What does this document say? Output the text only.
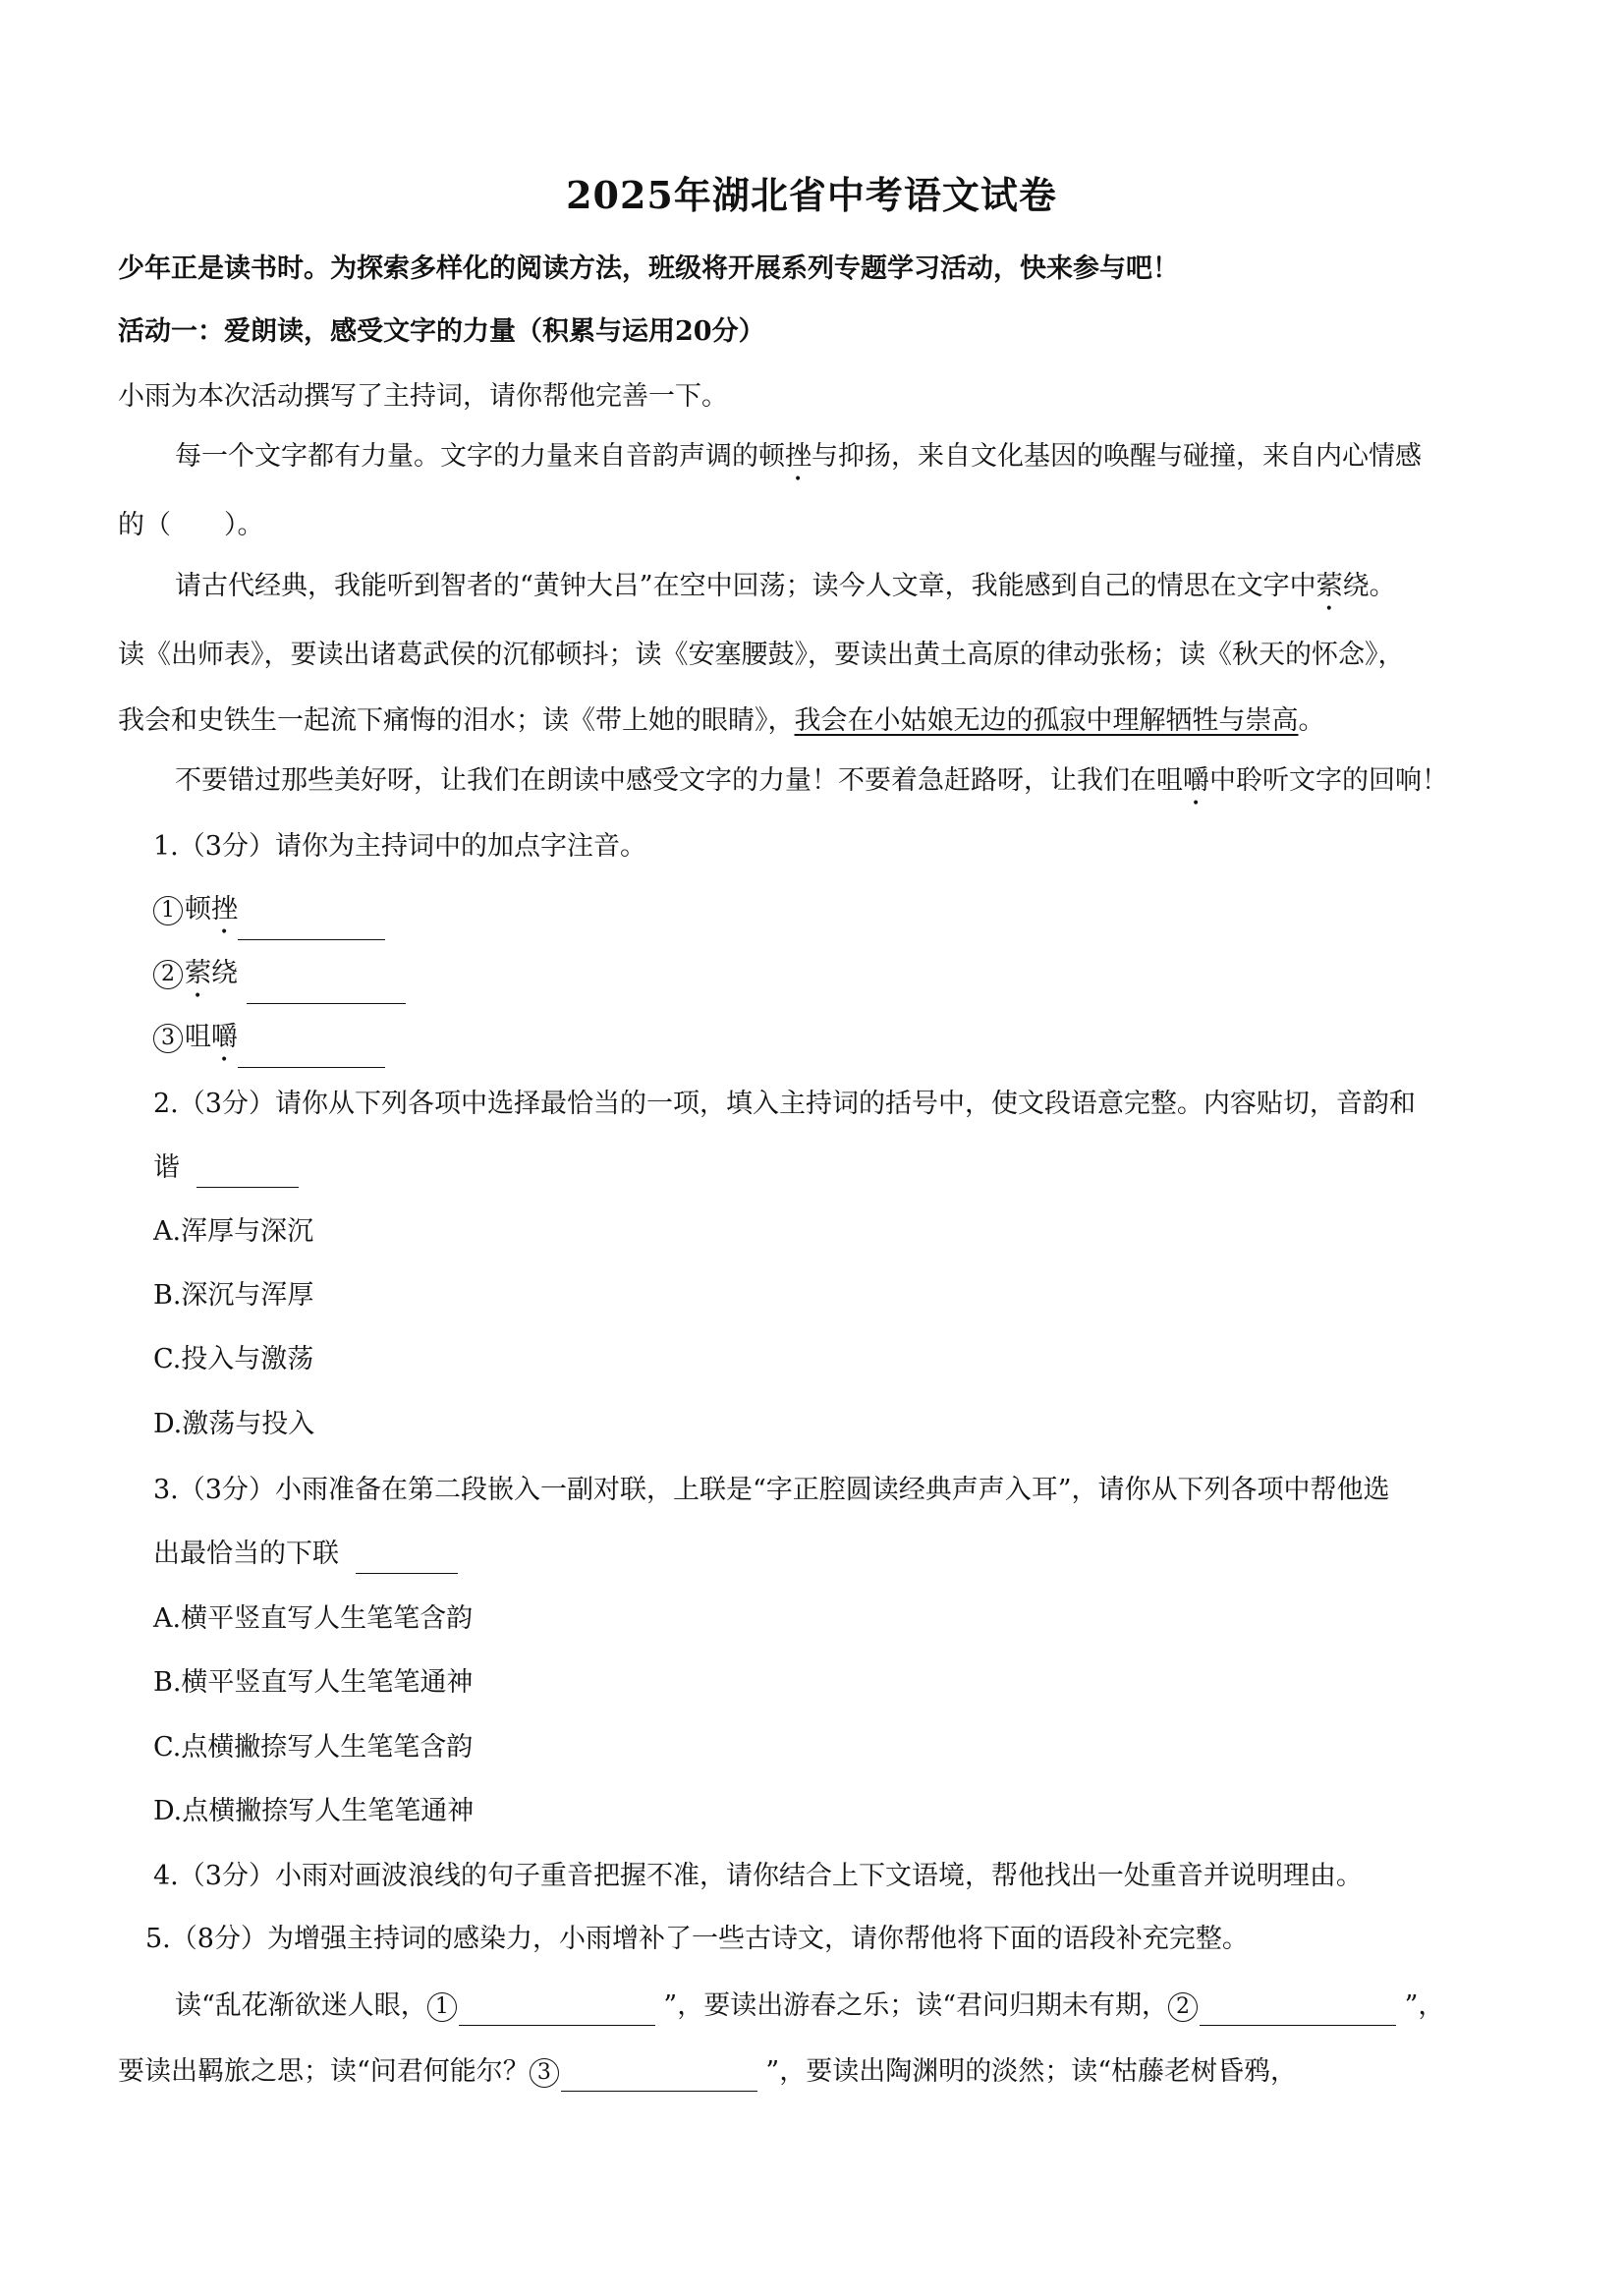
2025年湖北省中考语文试卷
少年正是读书时。为探索多样化的阅读方法，班级将开展系列专题学习活动，快来参与吧！
活动一：爱朗读，感受文字的力量（积累与运用20分）
小雨为本次活动撰写了主持词，请你帮他完善一下。
每一个文字都有力量。文字的力量来自音韵声调的顿挫与抑扬，来自文化基因的唤醒与碰撞，来自内心情感
的（　　）。
请古代经典，我能听到智者的“黄钟大吕”在空中回荡；读今人文章，我能感到自己的情思在文字中萦绕。
读《出师表》，要读出诸葛武侯的沉郁顿抖；读《安塞腰鼓》，要读出黄土高原的律动张杨；读《秋天的怀念》，
我会和史铁生一起流下痛悔的泪水；读《带上她的眼睛》，我会在小姑娘无边的孤寂中理解牺牲与崇高。
不要错过那些美好呀，让我们在朗读中感受文字的力量！不要着急赶路呀，让我们在咀嚼中聆听文字的回响！
1.（3分）请你为主持词中的加点字注音。
1 顿挫
2 萦绕
3 咀嚼
2.（3分）请你从下列各项中选择最恰当的一项，填入主持词的括号中，使文段语意完整。内容贴切，音韵和
谐
A.浑厚与深沉
B.深沉与浑厚
C.投入与激荡
D.激荡与投入
3.（3分）小雨准备在第二段嵌入一副对联，上联是“字正腔圆读经典声声入耳”，请你从下列各项中帮他选
出最恰当的下联
A.横平竖直写人生笔笔含韵
B.横平竖直写人生笔笔通神
C.点横撇捺写人生笔笔含韵
D.点横撇捺写人生笔笔通神
4.（3分）小雨对画波浪线的句子重音把握不准，请你结合上下文语境，帮他找出一处重音并说明理由。
5.（8分）为增强主持词的感染力，小雨增补了一些古诗文，请你帮他将下面的语段补充完整。
读“乱花渐欲迷人眼， 1	”，要读出游春之乐；读“君问归期未有期， 2	”，
要读出羁旅之思；读“问君何能尔？ 3	”，要读出陶渊明的淡然；读“枯藤老树昏鸦，
